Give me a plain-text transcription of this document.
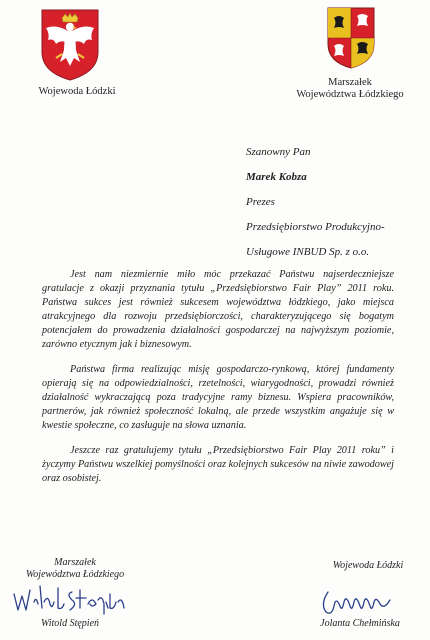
Wojewoda Łódzki
Marszałek
Województwa Łódzkiego
Szanowny Pan
Marek Kobza
Prezes
Przedsiębiorstwo Produkcyjno-
Usługowe INBUD Sp. z o.o.
Jest nam niezmiernie miło móc przekazać Państwu najserdeczniejsze gratulacje z okazji przyznania tytułu „Przedsiębiorstwo Fair Play” 2011 roku. Państwa sukces jest również sukcesem województwa łódzkiego, jako miejsca atrakcyjnego dla rozwoju przedsiębiorczości, charakteryzującego się bogatym potencjałem do prowadzenia działalności gospodarczej na najwyższym poziomie, zarówno etycznym jak i biznesowym.
Państwa firma realizując misję gospodarczo-rynkową, której fundamenty opierają się na odpowiedzialności, rzetelności, wiarygodności, prowadzi również działalność wykraczającą poza tradycyjne ramy biznesu. Wspiera pracowników, partnerów, jak również społeczność lokalną, ale przede wszystkim angażuje się w kwestie społeczne, co zasługuje na słowa uznania.
Jeszcze raz gratulujemy tytułu „Przedsiębiorstwo Fair Play 2011 roku” i życzymy Państwu wszelkiej pomyślności oraz kolejnych sukcesów na niwie zawodowej oraz osobistej.
Marszałek
Województwa Łódzkiego
Witold Stępień
Wojewoda Łódzki
Jolanta Chełmińska
